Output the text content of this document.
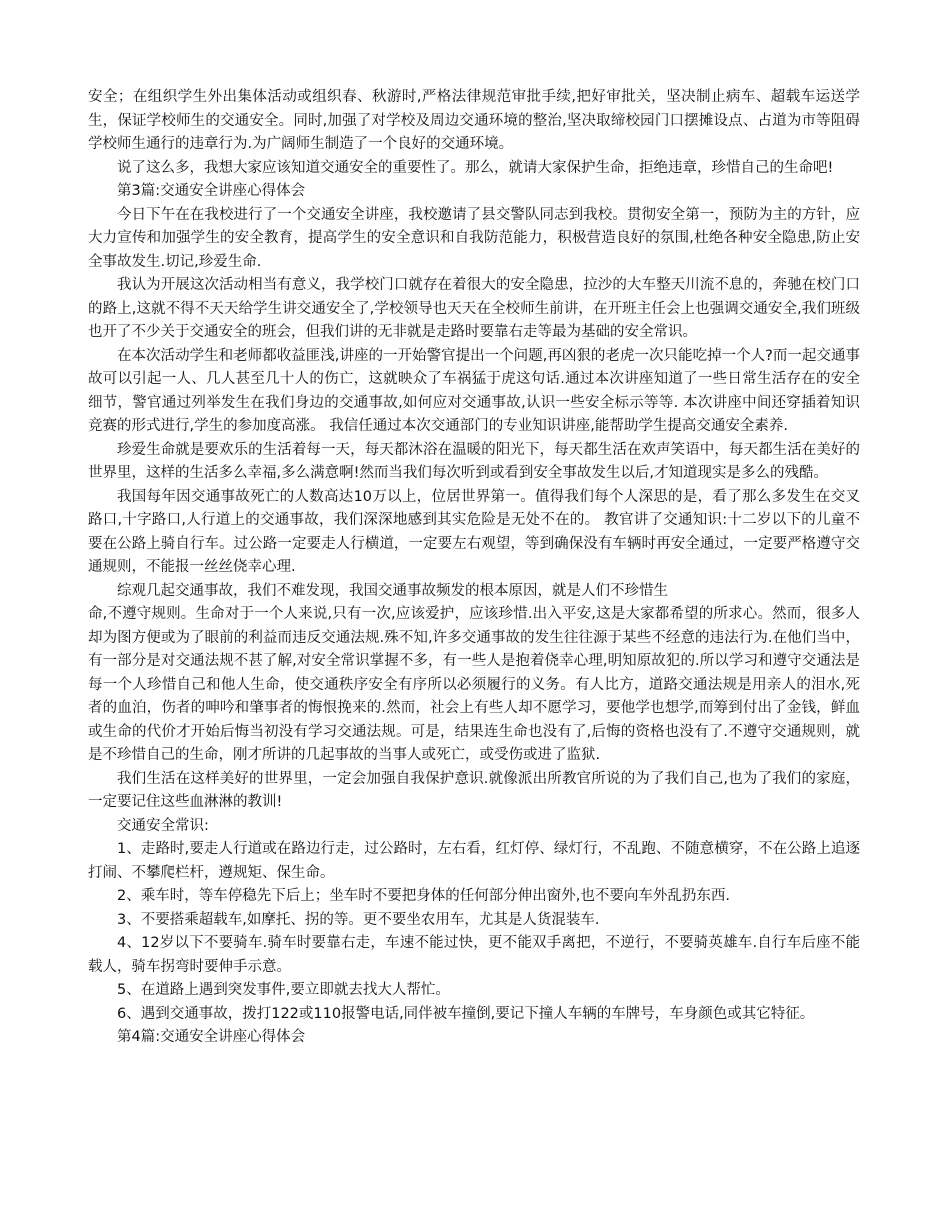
安全；在组织学生外出集体活动或组织春、秋游时,严格法律规范审批手续,把好审批关，坚决制止病车、超载车运送学生，保证学校师生的交通安全。同时,加强了对学校及周边交通环境的整治,坚决取缔校园门口摆摊设点、占道为市等阻碍学校师生通行的违章行为.为广阔师生制造了一个良好的交通环境。

说了这么多，我想大家应该知道交通安全的重要性了。那么，就请大家保护生命，拒绝违章，珍惜自己的生命吧!

第3篇:交通安全讲座心得体会

今日下午在在我校进行了一个交通安全讲座，我校邀请了县交警队同志到我校。贯彻安全第一，预防为主的方针，应大力宣传和加强学生的安全教育，提高学生的安全意识和自我防范能力，积极营造良好的氛围,杜绝各种安全隐患,防止安全事故发生.切记,珍爱生命.

我认为开展这次活动相当有意义，我学校门口就存在着很大的安全隐患，拉沙的大车整天川流不息的，奔驰在校门口的路上,这就不得不天天给学生讲交通安全了,学校领导也天天在全校师生前讲，在开班主任会上也强调交通安全,我们班级也开了不少关于交通安全的班会，但我们讲的无非就是走路时要靠右走等最为基础的安全常识。

在本次活动学生和老师都收益匪浅,讲座的一开始警官提出一个问题,再凶狠的老虎一次只能吃掉一个人?而一起交通事故可以引起一人、几人甚至几十人的伤亡，这就映众了车祸猛于虎这句话.通过本次讲座知道了一些日常生活存在的安全细节，警官通过列举发生在我们身边的交通事故,如何应对交通事故,认识一些安全标示等等. 本次讲座中间还穿插着知识竞赛的形式进行,学生的参加度高涨。 我信任通过本次交通部门的专业知识讲座,能帮助学生提高交通安全素养.

珍爱生命就是要欢乐的生活着每一天，每天都沐浴在温暖的阳光下，每天都生活在欢声笑语中，每天都生活在美好的世界里，这样的生活多么幸福,多么满意啊!然而当我们每次听到或看到安全事故发生以后,才知道现实是多么的残酷。

我国每年因交通事故死亡的人数高达10万以上，位居世界第一。值得我们每个人深思的是，看了那么多发生在交叉路口,十字路口,人行道上的交通事故，我们深深地感到其实危险是无处不在的。 教官讲了交通知识:十二岁以下的儿童不要在公路上骑自行车。过公路一定要走人行横道，一定要左右观望，等到确保没有车辆时再安全通过，一定要严格遵守交通规则，不能报一丝丝侥幸心理.

综观几起交通事故，我们不难发现，我国交通事故频发的根本原因，就是人们不珍惜生

命,不遵守规则。生命对于一个人来说,只有一次,应该爱护，应该珍惜.出入平安,这是大家都希望的所求心。然而，很多人却为图方便或为了眼前的利益而违反交通法规.殊不知,许多交通事故的发生往往源于某些不经意的违法行为.在他们当中，有一部分是对交通法规不甚了解,对安全常识掌握不多，有一些人是抱着侥幸心理,明知原故犯的.所以学习和遵守交通法是每一个人珍惜自己和他人生命，使交通秩序安全有序所以必须履行的义务。有人比方，道路交通法规是用亲人的泪水,死者的血泊，伤者的呻吟和肇事者的悔恨挽来的.然而，社会上有些人却不愿学习，要他学也想学,而筹到付出了金钱，鲜血或生命的代价才开始后悔当初没有学习交通法规。可是，结果连生命也没有了,后悔的资格也没有了.不遵守交通规则，就是不珍惜自己的生命，刚才所讲的几起事故的当事人或死亡，或受伤或进了监狱.

我们生活在这样美好的世界里，一定会加强自我保护意识.就像派出所教官所说的为了我们自己,也为了我们的家庭，一定要记住这些血淋淋的教训!

交通安全常识:

1、走路时,要走人行道或在路边行走，过公路时，左右看，红灯停、绿灯行，不乱跑、不随意横穿，不在公路上追逐打闹、不攀爬栏杆，遵规矩、保生命。

2、乘车时，等车停稳先下后上；坐车时不要把身体的任何部分伸出窗外,也不要向车外乱扔东西.

3、不要搭乘超载车,如摩托、拐的等。更不要坐农用车，尤其是人货混装车.

4、12岁以下不要骑车.骑车时要靠右走，车速不能过快，更不能双手离把，不逆行，不要骑英雄车.自行车后座不能载人，骑车拐弯时要伸手示意。

5、在道路上遇到突发事件,要立即就去找大人帮忙。

6、遇到交通事故，拨打122或110报警电话,同伴被车撞倒,要记下撞人车辆的车牌号，车身颜色或其它特征。

第4篇:交通安全讲座心得体会
